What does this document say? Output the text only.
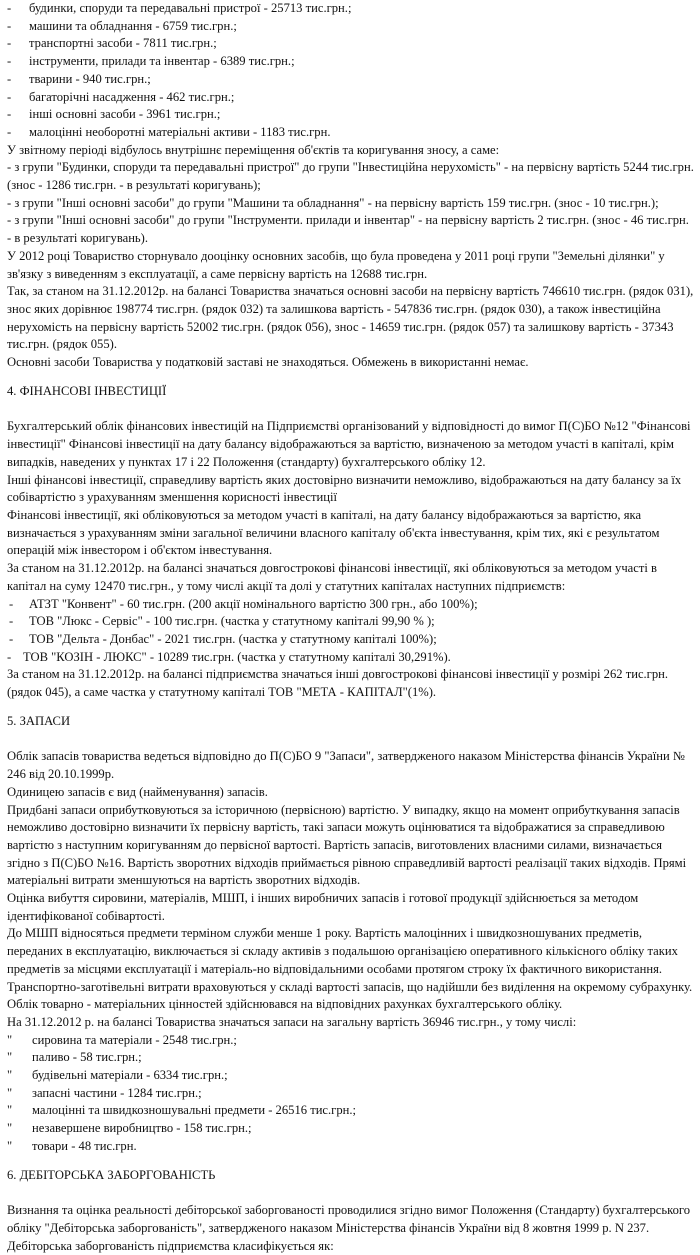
- будинки, споруди та передавальні пристрої - 25713 тис.грн.;

- машини та обладнання - 6759 тис.грн.;

- транспортні засоби - 7811 тис.грн.;

- інструменти, прилади та інвентар - 6389 тис.грн.;

- тварини - 940 тис.грн.;

- багаторічні насадження - 462 тис.грн.;

- інші основні засоби - 3961 тис.грн.;

- малоцінні необоротні матеріальні активи - 1183 тис.грн.

У звітному періоді відбулось внутрішнє переміщення об'єктів та коригування зносу, а саме:

- з групи "Будинки, споруди та передавальні пристрої" до групи "Інвестиційна нерухомість" - на первісну вартість 5244 тис.грн. (знос - 1286 тис.грн. - в результаті коригувань);

- з групи "Інші основні засоби" до групи "Машини та обладнання" - на первісну вартість 159 тис.грн. (знос - 10 тис.грн.);

- з групи "Інші основні засоби" до групи "Інструменти. прилади и інвентар" - на первісну вартість 2 тис.грн. (знос - 46 тис.грн. - в результаті коригувань).

У 2012 році Товариство сторнувало дооцінку основних засобів, що була проведена у 2011 році групи "Земельні ділянки" у зв'язку з виведенням з експлуатації, а саме первісну вартість на 12688 тис.грн.

Так, за станом на 31.12.2012р. на балансі Товариства значаться основні засоби на первісну вартість 746610 тис.грн. (рядок 031), знос яких дорівнює 198774 тис.грн. (рядок 032) та залишкова вартість - 547836 тис.грн. (рядок 030), а також інвестиційна нерухомість на первісну вартість 52002 тис.грн. (рядок 056), знос - 14659 тис.грн. (рядок 057) та залишкову вартість - 37343 тис.грн. (рядок 055).

Основні засоби Товариства у податковій заставі не знаходяться. Обмежень в використанні немає.

4. ФІНАНСОВІ ІНВЕСТИЦІЇ

Бухгалтерський облік фінансових інвестицій на Підприємстві організований у відповідності до вимог П(С)БО №12 "Фінансові інвестиції" Фінансові інвестиції на дату балансу відображаються за вартістю, визначеною за методом участі в капіталі, крім випадків, наведених у пунктах 17 і 22 Положення (стандарту) бухгалтерського обліку 12.

Інші фінансові інвестиції, справедливу вартість яких достовірно визначити неможливо, відображаються на дату балансу за їх собівартістю з урахуванням зменшення корисності інвестиції

Фінансові інвестиції, які обліковуються за методом участі в капіталі, на дату балансу відображаються за вартістю, яка визначається з урахуванням зміни загальної величини власного капіталу об'єкта інвестування, крім тих, які є результатом операцій між інвестором і об'єктом інвестування.

За станом на 31.12.2012р. на балансі значаться довгострокові фінансові інвестиції, які обліковуються за методом участі в капітал на суму 12470 тис.грн., у тому числі акції та долі у статутних капіталах наступних підприємств:

- АТЗТ "Конвент" - 60 тис.грн. (200 акції номінального вартістю 300 грн., або 100%);

- ТОВ "Люкс - Сервіс" - 100 тис.грн. (частка у статутному капіталі 99,90 % );

- ТОВ "Дельта - Донбас" - 2021 тис.грн. (частка у статутному капіталі 100%);

- ТОВ "КОЗІН - ЛЮКС" - 10289 тис.грн. (частка у статутному капіталі 30,291%).

За станом на 31.12.2012р. на балансі підприємства значаться інші довгострокові фінансові інвестиції у розмірі 262 тис.грн. (рядок 045), а саме частка у статутному капіталі ТОВ "МЕТА - КАПІТАЛ"(1%).

5. ЗАПАСИ

Облік запасів товариства ведеться відповідно до П(С)БО 9 "Запаси", затвердженого наказом Міністерства фінансів України № 246 від 20.10.1999р.

Одиницею запасів є вид (найменування) запасів.

Придбані запаси оприбутковуються за історичною (первісною) вартістю. У випадку, якщо на момент оприбуткування запасів неможливо достовірно визначити їх первісну вартість, такі запаси можуть оцінюватися та відображатися за справедливою вартістю з наступним коригуванням до первісної вартості. Вартість запасів, виготовлених власними силами, визначається згідно з П(С)БО №16. Вартість зворотних відходів приймається рівною справедливій вартості реалізації таких відходів. Прямі матеріальні витрати зменшуються на вартість зворотних відходів.

Оцінка вибуття сировини, матеріалів, МШП, і інших виробничих запасів і готової продукції здійснюється за методом ідентифікованої собівартості.

До МШП відносяться предмети терміном служби менше 1 року. Вартість малоцінних і швидкозношуваних предметів, переданих в експлуатацію, виключається зі складу активів з подальшою організацією оперативного кількісного обліку таких предметів за місцями експлуатації і матеріаль-но відповідальними особами протягом строку їх фактичного використання.

Транспортно-заготівельні витрати враховуються у складі вартості запасів, що надійшли без виділення на окремому субрахунку.

Облік товарно - матеріальних цінностей здійснювався на відповідних рахунках бухгалтерського обліку.

На 31.12.2012 р. на балансі Товариства значаться запаси на загальну вартість 36946 тис.грн., у тому числі:

" сировина та матеріали - 2548 тис.грн.;

" паливо - 58 тис.грн.;

" будівельні матеріали - 6334 тис.грн.;

" запасні частини - 1284 тис.грн.;

" малоцінні та швидкозношувальні предмети - 26516 тис.грн.;

" незавершене виробництво - 158 тис.грн.;

" товари - 48 тис.грн.

6. ДЕБІТОРСЬКА ЗАБОРГОВАНІСТЬ

Визнання та оцінка реальності дебіторської заборгованості проводилися згідно вимог Положення (Стандарту) бухгалтерського обліку "Дебіторська заборгованість", затвердженого наказом Міністерства фінансів України від 8 жовтня 1999 р. N 237.

Дебіторська заборгованість підприємства класифікується як:
